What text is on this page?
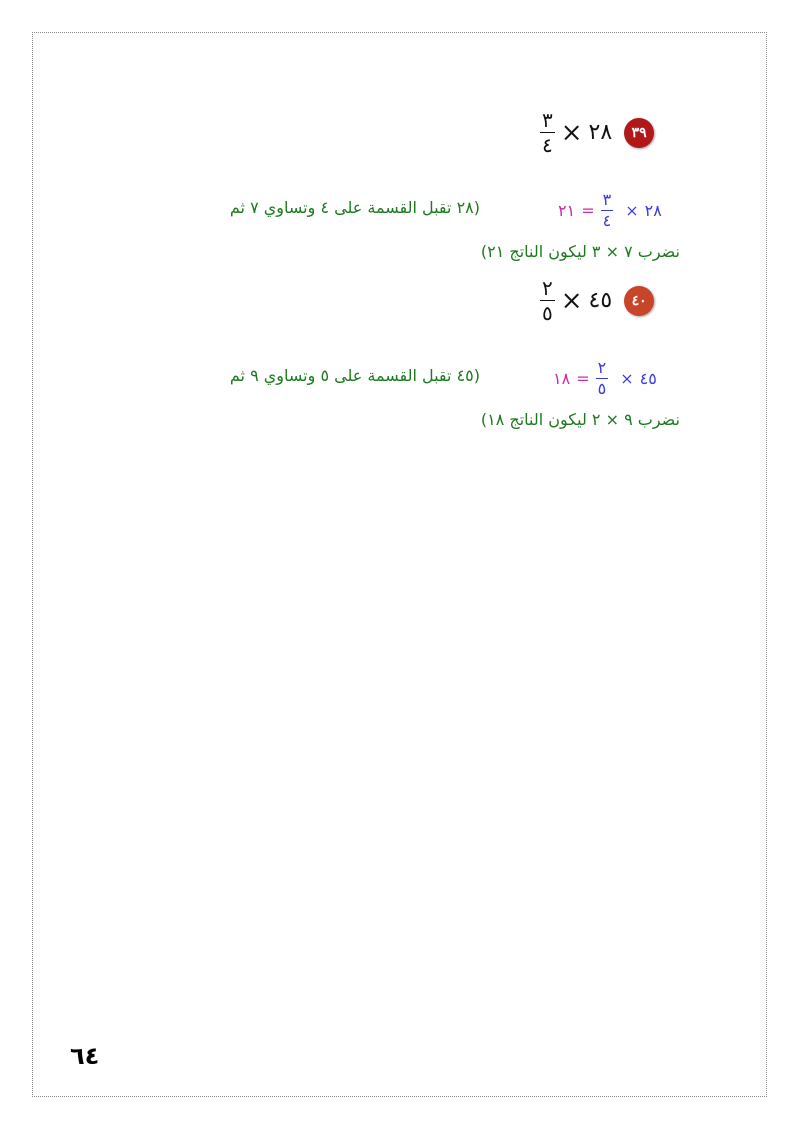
$\frac{٣}{٤}$ × ٢٨	٣٩
٢١ = $\frac{٣}{٤}$ × ٢٨
(٢٨ تقبل القسمة على ٤ وتساوي ٧ ثم
نضرب ٧ × ٣ ليكون الناتج ٢١)
$\frac{٢}{٥}$ × ٤٥	٤٠
١٨ = $\frac{٢}{٥}$ × ٤٥
(٤٥ تقبل القسمة على ٥ وتساوي ٩ ثم
نضرب ٩ × ٢ ليكون الناتج ١٨)
٦٤
